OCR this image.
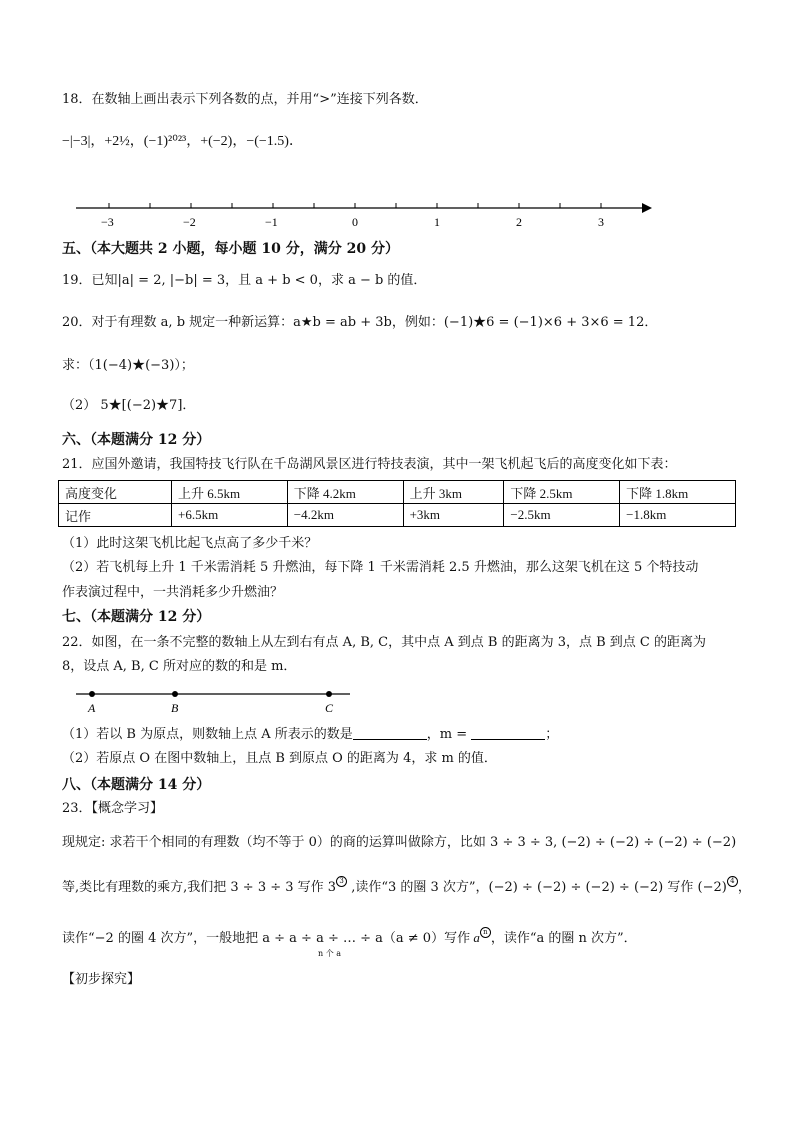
18．在数轴上画出表示下列各数的点，并用“>”连接下列各数．
−|−3|，+2½，(−1)²⁰²³，+(−2)，−(−1.5)．
−3	−2	−1	0	1	2	3
五、（本大题共 2 小题，每小题 10 分，满分 20 分）
19．已知|a| = 2, |−b| = 3，且 a + b < 0，求 a − b 的值．
20．对于有理数 a, b 规定一种新运算：a★b = ab + 3b，例如：(−1)★6 = (−1)×6 + 3×6 = 12．
求：（1(−4)★(−3)）；
（2） 5★[(−2)★7]．
六、（本题满分 12 分）
21．应国外邀请，我国特技飞行队在千岛湖风景区进行特技表演，其中一架飞机起飞后的高度变化如下表：
高度变化	上升 6.5km	下降 4.2km	上升 3km	下降 2.5km	下降 1.8km
记作	+6.5km	−4.2km	+3km	−2.5km	−1.8km
（1）此时这架飞机比起飞点高了多少千米？
（2）若飞机每上升 1 千米需消耗 5 升燃油，每下降 1 千米需消耗 2.5 升燃油，那么这架飞机在这 5 个特技动
作表演过程中，一共消耗多少升燃油？
七、（本题满分 12 分）
22．如图，在一条不完整的数轴上从左到右有点 A, B, C，其中点 A 到点 B 的距离为 3，点 B 到点 C 的距离为
8，设点 A, B, C 所对应的数的和是 m．
A	B	C
（1）若以 B 为原点，则数轴上点 A 所表示的数是	，m =	；
（2）若原点 O 在图中数轴上，且点 B 到原点 O 的距离为 4，求 m 的值．
八、（本题满分 14 分）
23．【概念学习】
现规定: 求若干个相同的有理数（均不等于 0）的商的运算叫做除方，比如 3 ÷ 3 ÷ 3, (−2) ÷ (−2) ÷ (−2) ÷ (−2)
等,类比有理数的乘方,我们把 3 ÷ 3 ÷ 3 写作 3 3 ,读作“3 的圈 3 次方”，(−2) ÷ (−2) ÷ (−2) ÷ (−2) 写作 (−2) 4 ，
读作“−2 的圈 4 次方”，一般地把 a ÷ a ÷ a ÷ … ÷ a（a ≠ 0）写作 a n ，读作“a 的圈 n 次方”．
n 个 a
【初步探究】
